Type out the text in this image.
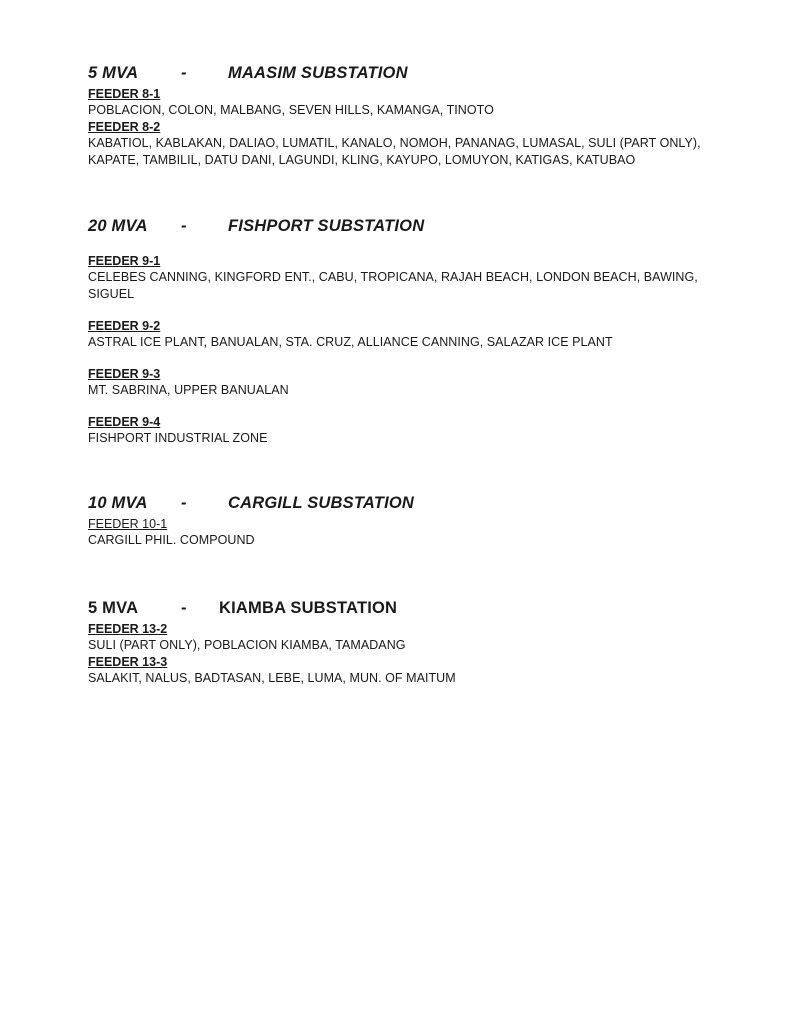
5 MVA	-	MAASIM SUBSTATION
FEEDER 8-1
POBLACION, COLON, MALBANG, SEVEN HILLS, KAMANGA, TINOTO
FEEDER 8-2
KABATIOL, KABLAKAN, DALIAO, LUMATIL, KANALO, NOMOH, PANANAG, LUMASAL, SULI (PART ONLY), KAPATE, TAMBILIL, DATU DANI, LAGUNDI, KLING, KAYUPO, LOMUYON, KATIGAS, KATUBAO
20 MVA -	FISHPORT SUBSTATION
FEEDER 9-1
CELEBES CANNING, KINGFORD ENT., CABU, TROPICANA, RAJAH BEACH, LONDON BEACH, BAWING, SIGUEL
FEEDER 9-2
ASTRAL ICE PLANT, BANUALAN, STA. CRUZ, ALLIANCE CANNING, SALAZAR ICE PLANT
FEEDER 9-3
MT. SABRINA, UPPER BANUALAN
FEEDER 9-4
FISHPORT INDUSTRIAL ZONE
10 MVA -	CARGILL SUBSTATION
FEEDER 10-1
CARGILL PHIL. COMPOUND
5 MVA	- KIAMBA SUBSTATION
FEEDER 13-2
SULI (PART ONLY), POBLACION KIAMBA, TAMADANG
FEEDER 13-3
SALAKIT, NALUS, BADTASAN, LEBE, LUMA, MUN. OF MAITUM
